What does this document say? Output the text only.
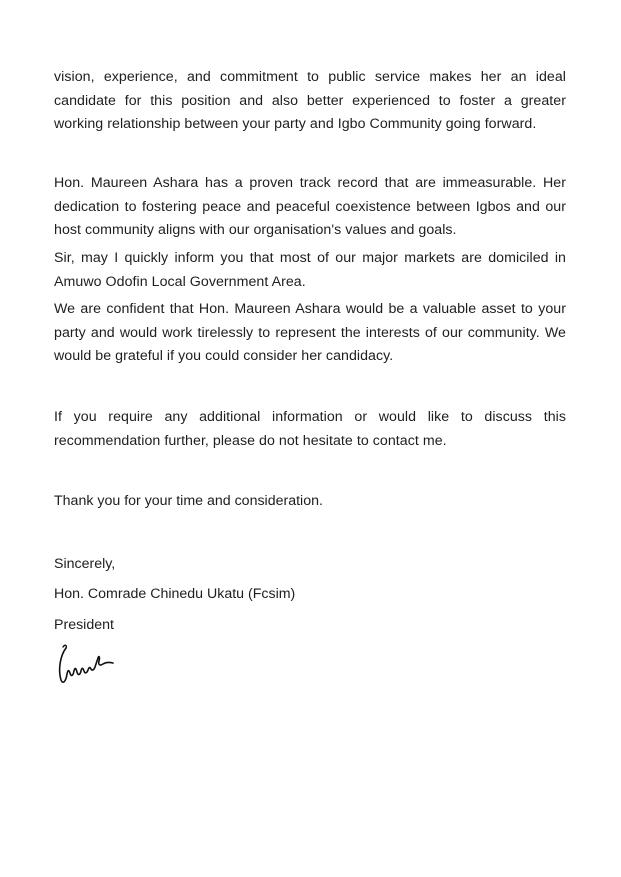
vision, experience, and commitment to public service makes her an ideal candidate for this position and also better experienced to foster a greater working relationship between your party and Igbo Community going forward.

Hon. Maureen Ashara has a proven track record that are immeasurable. Her dedication to fostering peace and peaceful coexistence between Igbos and our host community aligns with our organisation's values and goals.

Sir, may I quickly inform you that most of our major markets are domiciled in Amuwo Odofin Local Government Area.

We are confident that Hon. Maureen Ashara would be a valuable asset to your party and would work tirelessly to represent the interests of our community. We would be grateful if you could consider her candidacy.

If you require any additional information or would like to discuss this recommendation further, please do not hesitate to contact me.

Thank you for your time and consideration.

Sincerely,

Hon. Comrade Chinedu Ukatu (Fcsim)

President
